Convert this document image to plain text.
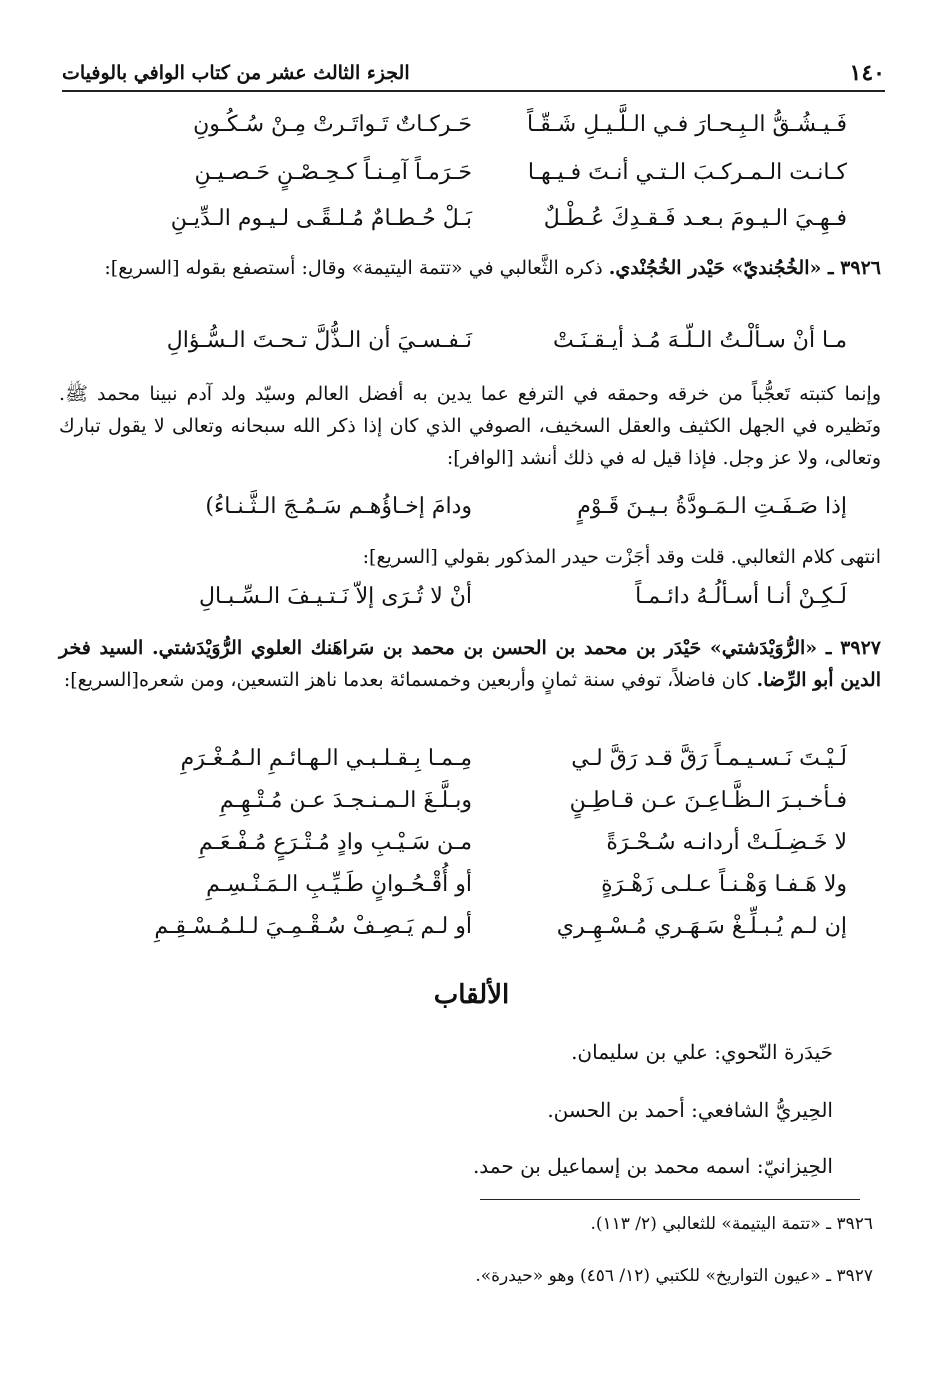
١٤٠
الجزء الثالث عشر من كتاب الوافي بالوفيات
فَـيـشُـقُّ الـبِـحـارَ فـي الـلَّـيـلِ شَـقّـاً
حَـركـاتٌ تَـواتَـرتْ مِـنْ سُـكُـونِ
كـانـت الـمـركـبَ الـتـي أنـتَ فـيـهـا
حَـرَمـاً آمِـنـاً كـحِـصْـنٍ حَـصـيـنِ
فـهِـيَ الـيـومَ بـعـد فَـقـدِكَ عُـطْـلٌ
بَـلْ حُـطـامٌ مُـلـقًـى لـيـوم الـدِّيـنِ
٣٩٢٦ ـ «الخُجُنديّ» حَيْدر الخُجُنْدي. ذكره الثَّعالبي في «تتمة اليتيمة» وقال: أستصفع بقوله [السريع]:
مـا أنْ سـألْـتُ الـلّـهَ مُـذ أيـقـنَـتْ
نَـفـسـيَ أن الـذُّلَّ تـحـتَ الـسُّـؤالِ
وإنما كتبته تَعجُّباً من خرقه وحمقه في الترفع عما يدين به أفضل العالم وسيّد ولد آدم نبينا محمد ﷺ. ونَظيره في الجهل الكثيف والعقل السخيف، الصوفي الذي كان إذا ذكر الله سبحانه وتعالى لا يقول تبارك وتعالى، ولا عز وجل. فإذا قيل له في ذلك أنشد [الوافر]:
إذا صَـفَـتِ الـمَـودَّةُ بـيـنَ قَـوْمٍ
ودامَ إخـاؤُهـم سَـمُـجَ الـثَّـنـاءُ)
انتهى كلام الثعالبي. قلت وقد أجَزْت حيدر المذكور بقولي [السريع]:
لَـكِـنْ أنـا أسـألُـهُ دائـمـاً
أنْ لا تُـرَى إلاّ نَـتـيـفَ الـسِّـبـالِ
٣٩٢٧ ـ «الرُّوَيْدَشتي» حَيْدَر بن محمد بن الحسن بن محمد بن سَراهَنك العلوي الرُّوَيْدَشتي. السيد فخر الدين أبو الرِّضا. كان فاضلاً، توفي سنة ثمانٍ وأربعين وخمسمائة بعدما ناهز التسعين، ومن شعره[السريع]:
لَـيْـتَ نَـسـيـمـاً رَقَّ قـد رَقَّ لـي
مِـمـا بِـقـلـبـي الـهـائـمِ الـمُـغْـرَمِ
فـأخـبـرَ الـظَّـاعِـنَ عـن قـاطِـنٍ
وبـلَّـغَ الـمـنـجـدَ عـن مُـتْـهِـمِ
لا خَـضِـلَـتْ أردانـه سُـحْـرَةً
مـن سَـيْـبِ وادٍ مُـتْـرَعٍ مُـفْـعَـمِ
ولا هَـفـا وَهْـنـاً عـلـى زَهْـرَةٍ
أو أُقْـحُـوانٍ طَـيِّـبِ الـمَـنْـسِـمِ
إن لـم يُـبـلِّـغْ سَـهَـري مُـسْـهِـري
أو لـم يَـصِـفْ سُـقْـمِـيَ لـلـمُـسْـقِـمِ
الألقاب
حَيدَرة النّحوي: علي بن سليمان.
الحِيريُّ الشافعي: أحمد بن الحسن.
الحِيزانيّ: اسمه محمد بن إسماعيل بن حمد.
٣٩٢٦ ـ «تتمة اليتيمة» للثعالبي (٢/ ١١٣).
٣٩٢٧ ـ «عيون التواريخ» للكتبي (١٢/ ٤٥٦) وهو «حيدرة».
